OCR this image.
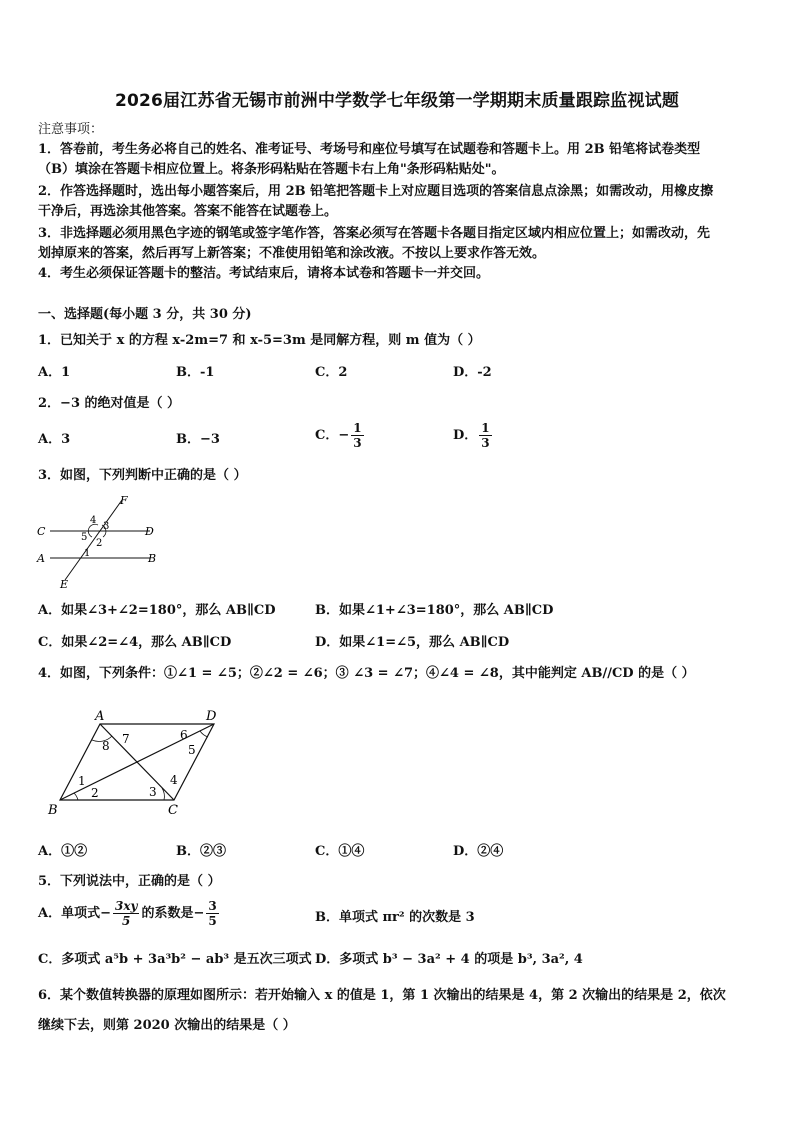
2026届江苏省无锡市前洲中学数学七年级第一学期期末质量跟踪监视试题
注意事项：
1．答卷前，考生务必将自己的姓名、准考证号、考场号和座位号填写在试题卷和答题卡上。用 2B 铅笔将试卷类型
（B）填涂在答题卡相应位置上。将条形码粘贴在答题卡右上角"条形码粘贴处"。
2．作答选择题时，选出每小题答案后，用 2B 铅笔把答题卡上对应题目选项的答案信息点涂黑；如需改动，用橡皮擦
干净后，再选涂其他答案。答案不能答在试题卷上。
3．非选择题必须用黑色字迹的钢笔或签字笔作答，答案必须写在答题卡各题目指定区域内相应位置上；如需改动，先
划掉原来的答案，然后再写上新答案；不准使用铅笔和涂改液。不按以上要求作答无效。
4．考生必须保证答题卡的整洁。考试结束后，请将本试卷和答题卡一并交回。
一、选择题(每小题 3 分，共 30 分)
1．已知关于 x 的方程 x-2m=7 和 x-5=3m 是同解方程，则 m 值为（ ）
A．1	B．-1	C．2	D．-2
2．−3 的绝对值是（ ）
A．3	B．−3	C．− $\frac{1}{3}$	D． $\frac{1}{3}$
3．如图，下列判断中正确的是（ ）
C	D
A	B
E
F
1
2
3
4
5
A．如果∠3+∠2=180°，那么 AB∥CD	B．如果∠1+∠3=180°，那么 AB∥CD
C．如果∠2=∠4，那么 AB∥CD	D．如果∠1=∠5，那么 AB∥CD
4．如图，下列条件：①∠1 = ∠5；②∠2 = ∠6；③ ∠3 = ∠7；④∠4 = ∠8，其中能判定 AB//CD 的是（ ）
A	D
B	C
1
2	3
4
5
6
7
8
A．①②	B．②③	C．①④	D．②④
5．下列说法中，正确的是（ ）
A．单项式− $\frac{3xy}{5}$ 的系数是− $\frac{3}{5}$	B．单项式 πr² 的次数是 3
C．多项式 a⁵b + 3a³b² − ab³ 是五次三项式 D．多项式 b³ − 3a² + 4 的项是 b³, 3a², 4
6．某个数值转换器的原理如图所示：若开始输入 x 的值是 1，第 1 次输出的结果是 4，第 2 次输出的结果是 2，依次
继续下去，则第 2020 次输出的结果是（ ）
